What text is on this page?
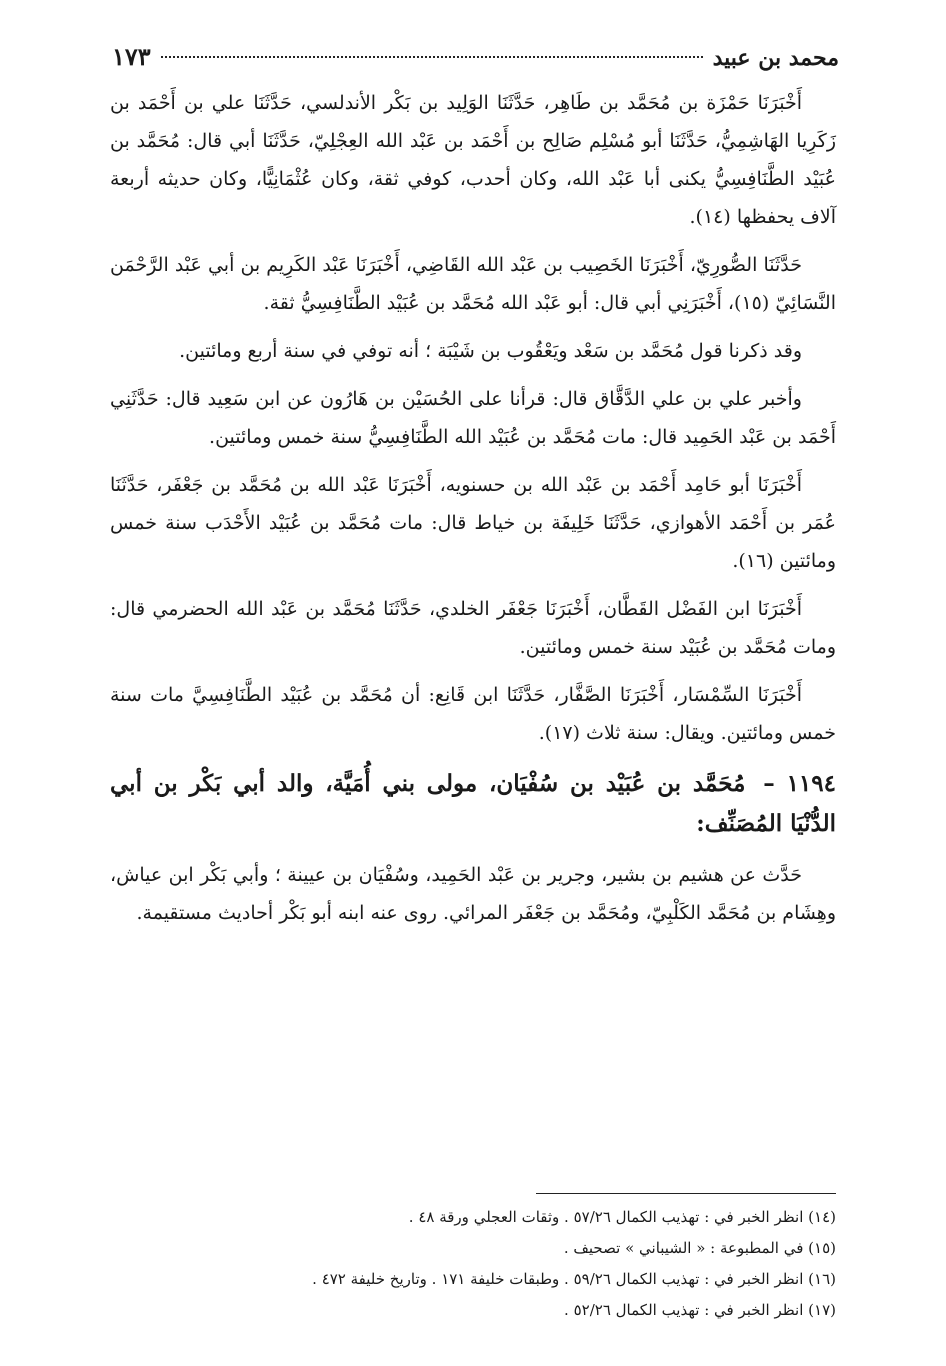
محمد بن عبيد
١٧٣

أَخْبَرَنَا حَمْزَة بن مُحَمَّد بن طَاهِر، حَدَّثَنَا الوَلِيد بن بَكْر الأندلسي، حَدَّثَنَا علي بن أَحْمَد بن زَكَرِيا الهَاشِمِيُّ، حَدَّثَنَا أبو مُسْلِم صَالِح بن أَحْمَد بن عَبْد الله العِجْلِيّ، حَدَّثَنَا أبي قال: مُحَمَّد بن عُبَيْد الطَّنَافِسِيُّ يكنى أبا عَبْد الله، وكان أحدب، كوفي ثقة، وكان عُثْمَانِيًّا، وكان حديثه أربعة آلاف يحفظها (١٤).

حَدَّثَنَا الصُّورِيّ، أَخْبَرَنَا الخَصِيب بن عَبْد الله القَاضِي، أَخْبَرَنَا عَبْد الكَرِيم بن أبي عَبْد الرَّحْمَن النَّسَائِيّ (١٥)، أَخْبَرَنِي أبي قال: أبو عَبْد الله مُحَمَّد بن عُبَيْد الطَّنَافِسِيُّ ثقة.

وقد ذكرنا قول مُحَمَّد بن سَعْد ويَعْقُوب بن شَيْبَة ؛ أنه توفي في سنة أربع ومائتين.

وأخبر علي بن علي الدَّقَّاق قال: قرأنا على الحُسَيْن بن هَارُون عن ابن سَعِيد قال: حَدَّثَنِي أَحْمَد بن عَبْد الحَمِيد قال: مات مُحَمَّد بن عُبَيْد الله الطَّنَافِسِيُّ سنة خمس ومائتين.

أَخْبَرَنَا أبو حَامِد أَحْمَد بن عَبْد الله بن حسنويه، أَخْبَرَنَا عَبْد الله بن مُحَمَّد بن جَعْفَر، حَدَّثَنَا عُمَر بن أَحْمَد الأهوازي، حَدَّثَنَا خَلِيفَة بن خياط قال: مات مُحَمَّد بن عُبَيْد الأَحْدَب سنة خمس ومائتين (١٦).

أَخْبَرَنَا ابن الفَضْل القَطَّان، أَخْبَرَنَا جَعْفَر الخلدي، حَدَّثَنَا مُحَمَّد بن عَبْد الله الحضرمي قال: ومات مُحَمَّد بن عُبَيْد سنة خمس ومائتين.

أَخْبَرَنَا السِّمْسَار، أَخْبَرَنَا الصَّفَّار، حَدَّثَنَا ابن قَانِع: أن مُحَمَّد بن عُبَيْد الطَّنَافِسِيَّ مات سنة خمس ومائتين. ويقال: سنة ثلاث (١٧).

١١٩٤ – مُحَمَّد بن عُبَيْد بن سُفْيَان، مولى بني أُمَيَّة، والد أبي بَكْر بن أبي الدُّنْيَا المُصَنِّف:

حَدَّث عن هشيم بن بشير، وجرير بن عَبْد الحَمِيد، وسُفْيَان بن عيينة ؛ وأبي بَكْر ابن عياش، وهِشَام بن مُحَمَّد الكَلْبِيّ، ومُحَمَّد بن جَعْفَر المرائي. روى عنه ابنه أبو بَكْر أحاديث مستقيمة.

(١٤) انظر الخبر في : تهذيب الكمال ٥٧/٢٦ . وثقات العجلي ورقة ٤٨ .

(١٥) في المطبوعة : « الشيباني » تصحيف .

(١٦) انظر الخبر في : تهذيب الكمال ٥٩/٢٦ . وطبقات خليفة ١٧١ . وتاريخ خليفة ٤٧٢ .

(١٧) انظر الخبر في : تهذيب الكمال ٥٢/٢٦ .
